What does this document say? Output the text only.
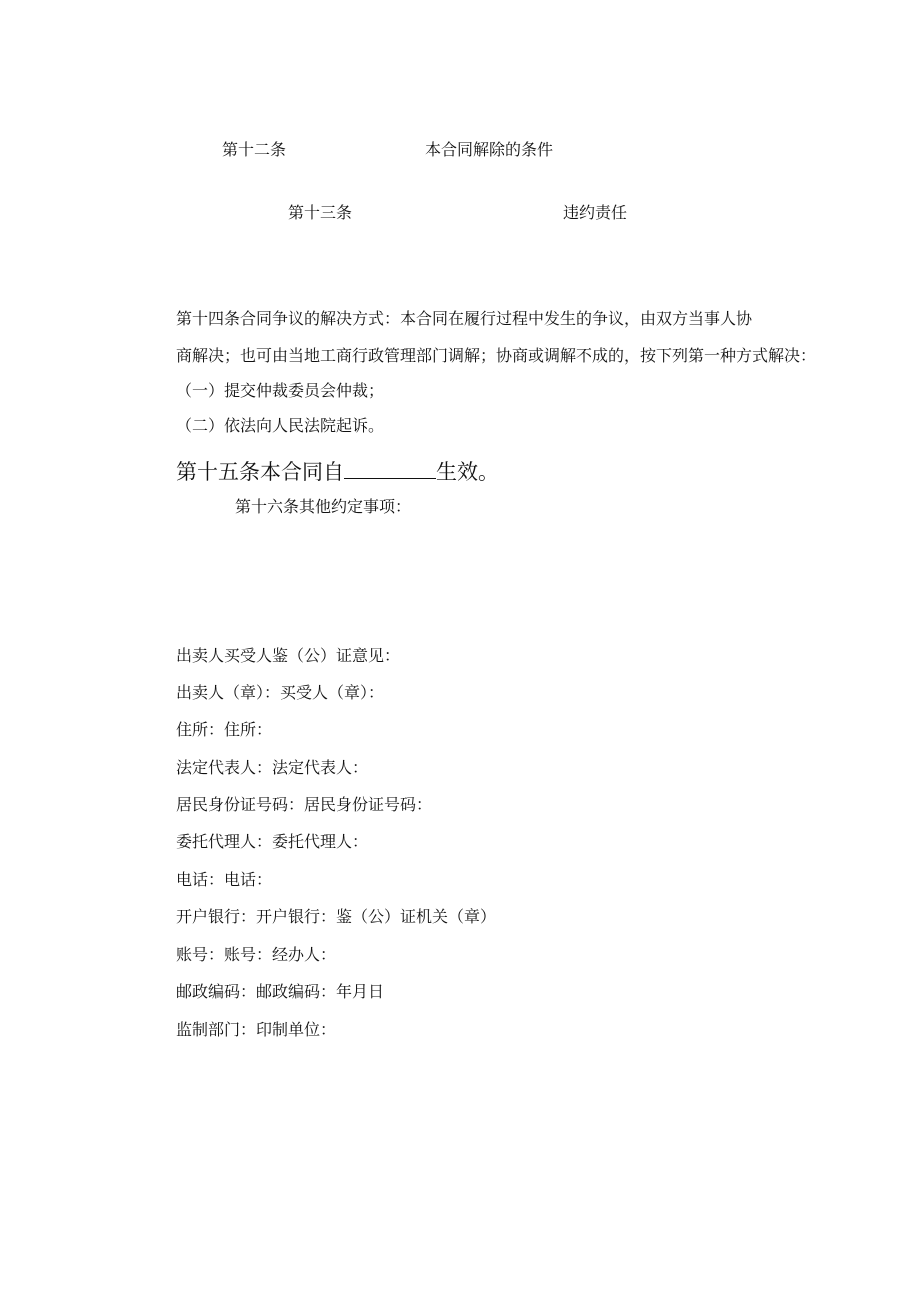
第十二条	本合同解除的条件
第十三条	违约责任
第十四条合同争议的解决方式：本合同在履行过程中发生的争议，由双方当事人协
商解决；也可由当地工商行政管理部门调解；协商或调解不成的，按下列第一种方式解决：
（一）提交仲裁委员会仲裁；
（二）依法向人民法院起诉。
第十五条本合同自	生效。
第十六条其他约定事项：
出卖人买受人鉴（公）证意见：
出卖人（章）：买受人（章）：
住所：住所：
法定代表人：法定代表人：
居民身份证号码：居民身份证号码：
委托代理人：委托代理人：
电话：电话：
开户银行：开户银行：鉴（公）证机关（章）
账号：账号：经办人：
邮政编码：邮政编码：年月日
监制部门：印制单位：
